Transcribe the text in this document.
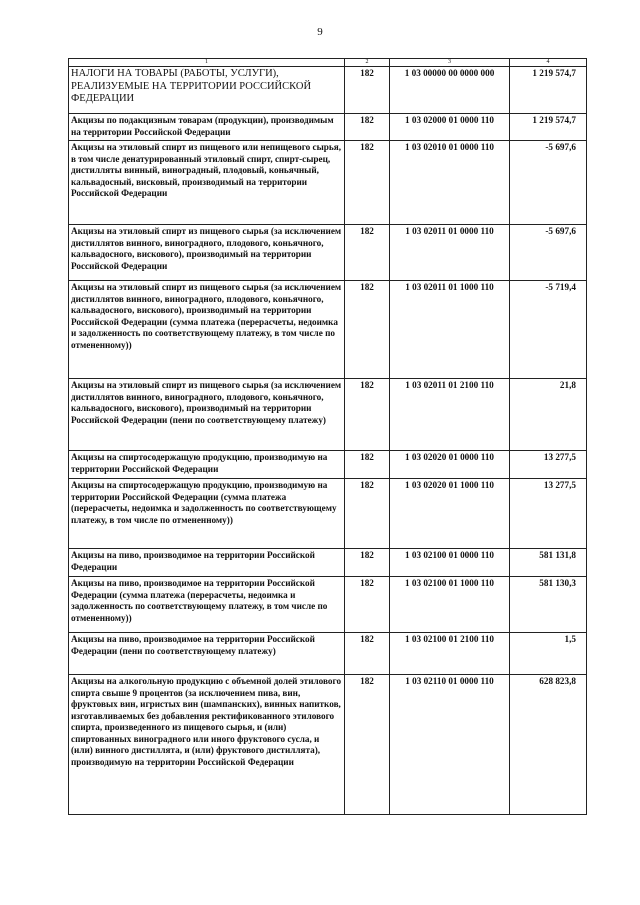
9
1	2	3	4
НАЛОГИ НА ТОВАРЫ (РАБОТЫ, УСЛУГИ), РЕАЛИЗУЕМЫЕ НА ТЕРРИТОРИИ РОССИЙСКОЙ ФЕДЕРАЦИИ	182	1 03 00000 00 0000 000	1 219 574,7
Акцизы по подакцизным товарам (продукции), производимым на территории Российской Федерации	182	1 03 02000 01 0000 110	1 219 574,7
Акцизы на этиловый спирт из пищевого или непищевого сырья, в том числе денатурированный этиловый спирт, спирт-сырец, дистилляты винный, виноградный, плодовый, коньячный, кальвадосный, висковый, производимый на территории Российской Федерации	182	1 03 02010 01 0000 110	-5 697,6
Акцизы на этиловый спирт из пищевого сырья (за исключением дистиллятов винного, виноградного, плодового, коньячного, кальвадосного, вискового), производимый на территории Российской Федерации	182	1 03 02011 01 0000 110	-5 697,6
Акцизы на этиловый спирт из пищевого сырья (за исключением дистиллятов винного, виноградного, плодового, коньячного, кальвадосного, вискового), производимый на территории Российской Федерации (сумма платежа (перерасчеты, недоимка и задолженность по соответствующему платежу, в том числе по отмененному))	182	1 03 02011 01 1000 110	-5 719,4
Акцизы на этиловый спирт из пищевого сырья (за исключением дистиллятов винного, виноградного, плодового, коньячного, кальвадосного, вискового), производимый на территории Российской Федерации (пени по соответствующему платежу)	182	1 03 02011 01 2100 110	21,8
Акцизы на спиртосодержащую продукцию, производимую на территории Российской Федерации	182	1 03 02020 01 0000 110	13 277,5
Акцизы на спиртосодержащую продукцию, производимую на территории Российской Федерации (сумма платежа (перерасчеты, недоимка и задолженность по соответствующему платежу, в том числе по отмененному))	182	1 03 02020 01 1000 110	13 277,5
Акцизы на пиво, производимое на территории Российской Федерации	182	1 03 02100 01 0000 110	581 131,8
Акцизы на пиво, производимое на территории Российской Федерации (сумма платежа (перерасчеты, недоимка и задолженность по соответствующему платежу, в том числе по отмененному))	182	1 03 02100 01 1000 110	581 130,3
Акцизы на пиво, производимое на территории Российской Федерации (пени по соответствующему платежу)	182	1 03 02100 01 2100 110	1,5
Акцизы на алкогольную продукцию с объемной долей этилового спирта свыше 9 процентов (за исключением пива, вин, фруктовых вин, игристых вин (шампанских), винных напитков, изготавливаемых без добавления ректификованного этилового спирта, произведенного из пищевого сырья, и (или) спиртованных виноградного или иного фруктового сусла, и (или) винного дистиллята, и (или) фруктового дистиллята), производимую на территории Российской Федерации	182	1 03 02110 01 0000 110	628 823,8
